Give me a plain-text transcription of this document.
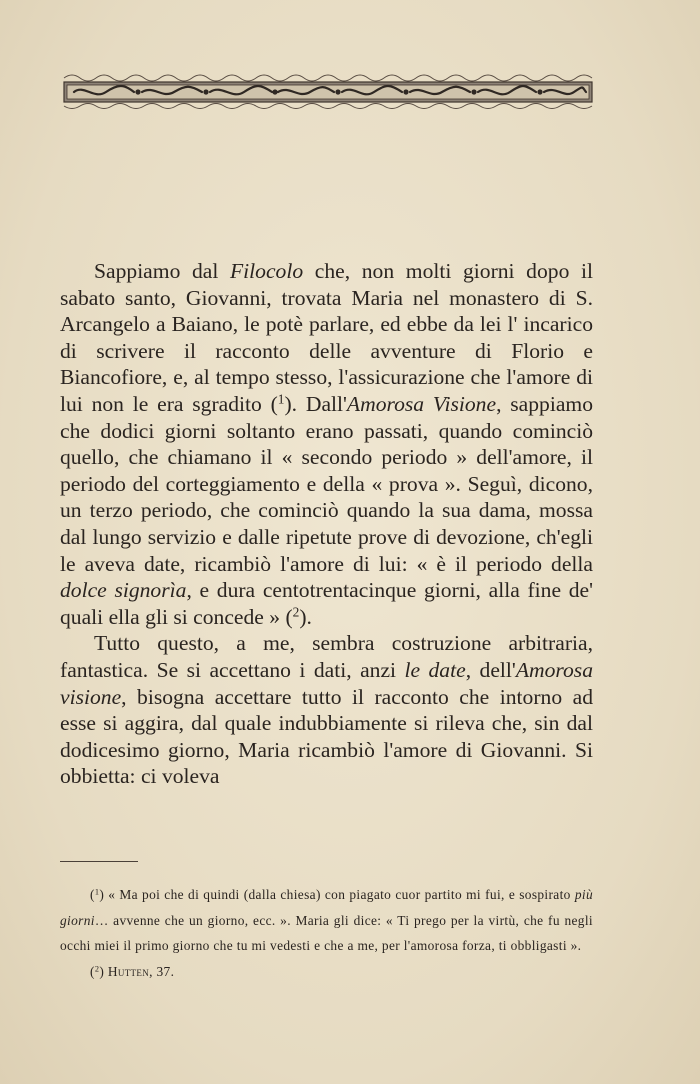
Sappiamo dal Filocolo che, non molti giorni dopo il sabato santo, Giovanni, trovata Maria nel monastero di S. Arcangelo a Baiano, le potè parlare, ed ebbe da lei l' incarico di scrivere il racconto delle avventure di Florio e Biancofiore, e, al tempo stesso, l'assicurazione che l'amore di lui non le era sgradito ($^1$). Dall'Amorosa Visione, sappiamo che dodici giorni soltanto erano passati, quando cominciò quello, che chiamano il « secondo periodo » dell'amore, il periodo del corteggiamento e della « prova ». Seguì, dicono, un terzo periodo, che cominciò quando la sua dama, mossa dal lungo servizio e dalle ripetute prove di devozione, ch'egli le aveva date, ricambiò l'amore di lui: « è il periodo della dolce signorìa, e dura centotrentacinque giorni, alla fine de' quali ella gli si concede » ($^2$).

Tutto questo, a me, sembra costruzione arbitraria, fantastica. Se si accettano i dati, anzi le date, dell'Amorosa visione, bisogna accettare tutto il racconto che intorno ad esse si aggira, dal quale indubbiamente si rileva che, sin dal dodicesimo giorno, Maria ricambiò l'amore di Giovanni. Si obbietta: ci voleva

($^1$) « Ma poi che di quindi (dalla chiesa) con piagato cuor partito mi fui, e sospirato più giorni… avvenne che un giorno, ecc. ». Maria gli dice: « Ti prego per la virtù, che fu negli occhi miei il primo giorno che tu mi vedesti e che a me, per l'amorosa forza, ti obbligasti ».

($^2$) Hutten, 37.
